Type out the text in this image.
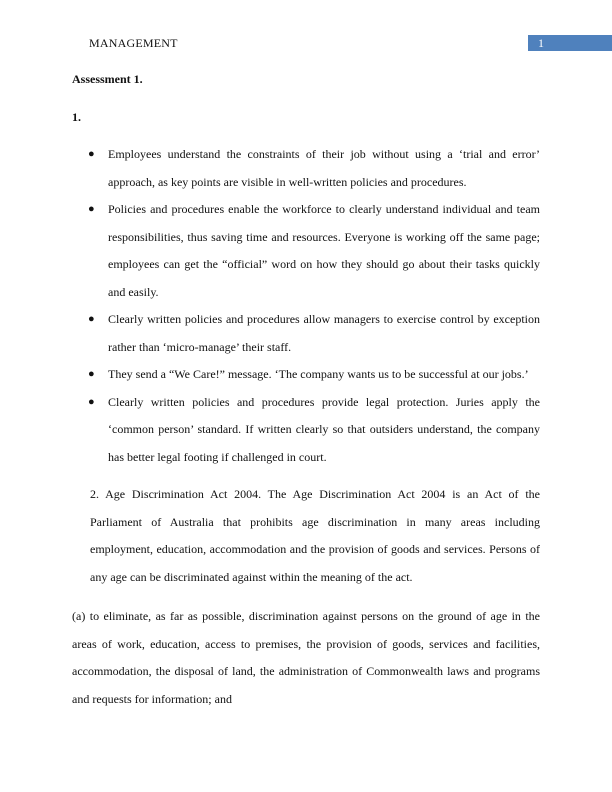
MANAGEMENT	1
Assessment 1.
1.
● Employees understand the constraints of their job without using a ‘trial and error’ approach, as key points are visible in well-written policies and procedures.
● Policies and procedures enable the workforce to clearly understand individual and team responsibilities, thus saving time and resources. Everyone is working off the same page; employees can get the “official” word on how they should go about their tasks quickly and easily.
● Clearly written policies and procedures allow managers to exercise control by exception rather than ‘micro-manage’ their staff.
● They send a “We Care!” message. ‘The company wants us to be successful at our jobs.’
● Clearly written policies and procedures provide legal protection. Juries apply the ‘common person’ standard. If written clearly so that outsiders understand, the company has better legal footing if challenged in court.

2. Age Discrimination Act 2004. The Age Discrimination Act 2004 is an Act of the Parliament of Australia that prohibits age discrimination in many areas including employment, education, accommodation and the provision of goods and services. Persons of any age can be discriminated against within the meaning of the act.

(a) to eliminate, as far as possible, discrimination against persons on the ground of age in the areas of work, education, access to premises, the provision of goods, services and facilities, accommodation, the disposal of land, the administration of Commonwealth laws and programs and requests for information; and
